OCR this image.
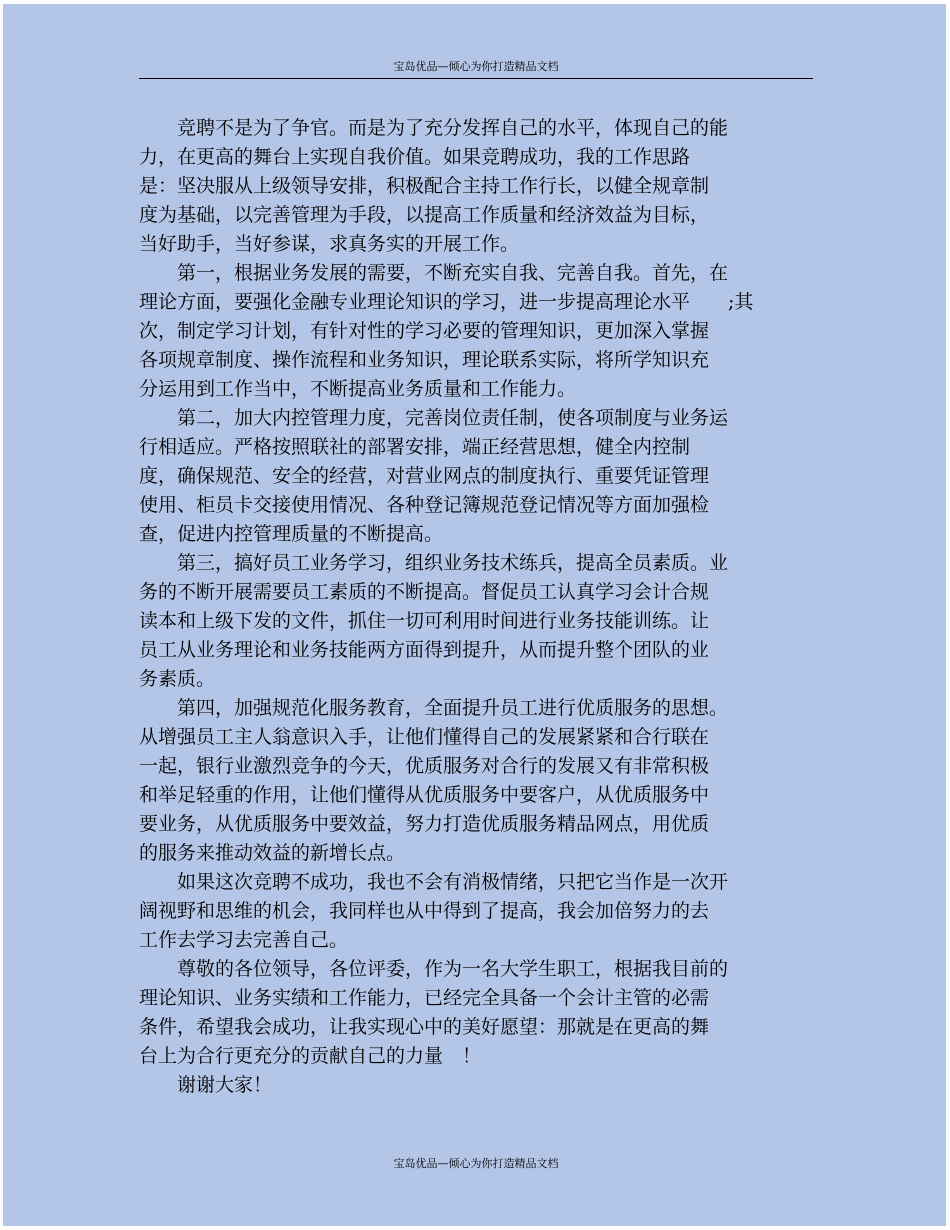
宝岛优品—倾心为你打造精品文档
　　竞聘不是为了争官。而是为了充分发挥自己的水平，体现自己的能
力，在更高的舞台上实现自我价值。如果竞聘成功，我的工作思路
是：坚决服从上级领导安排，积极配合主持工作行长，以健全规章制
度为基础，以完善管理为手段，以提高工作质量和经济效益为目标，
当好助手，当好参谋，求真务实的开展工作。
　　第一，根据业务发展的需要，不断充实自我、完善自我。首先，在
理论方面，要强化金融专业理论知识的学习，进一步提高理论水平　　;其
次，制定学习计划，有针对性的学习必要的管理知识，更加深入掌握
各项规章制度、操作流程和业务知识，理论联系实际，将所学知识充
分运用到工作当中，不断提高业务质量和工作能力。
　　第二，加大内控管理力度，完善岗位责任制，使各项制度与业务运
行相适应。严格按照联社的部署安排，端正经营思想，健全内控制
度，确保规范、安全的经营，对营业网点的制度执行、重要凭证管理
使用、柜员卡交接使用情况、各种登记簿规范登记情况等方面加强检
查，促进内控管理质量的不断提高。
　　第三，搞好员工业务学习，组织业务技术练兵，提高全员素质。业
务的不断开展需要员工素质的不断提高。督促员工认真学习会计合规
读本和上级下发的文件，抓住一切可利用时间进行业务技能训练。让
员工从业务理论和业务技能两方面得到提升，从而提升整个团队的业
务素质。
　　第四，加强规范化服务教育，全面提升员工进行优质服务的思想。
从增强员工主人翁意识入手，让他们懂得自己的发展紧紧和合行联在
一起，银行业激烈竞争的今天，优质服务对合行的发展又有非常积极
和举足轻重的作用，让他们懂得从优质服务中要客户，从优质服务中
要业务，从优质服务中要效益，努力打造优质服务精品网点，用优质
的服务来推动效益的新增长点。
　　如果这次竞聘不成功，我也不会有消极情绪，只把它当作是一次开
阔视野和思维的机会，我同样也从中得到了提高，我会加倍努力的去
工作去学习去完善自己。
　　尊敬的各位领导，各位评委，作为一名大学生职工，根据我目前的
理论知识、业务实绩和工作能力，已经完全具备一个会计主管的必需
条件，希望我会成功，让我实现心中的美好愿望：那就是在更高的舞
台上为合行更充分的贡献自己的力量　！
　　谢谢大家！
宝岛优品—倾心为你打造精品文档
